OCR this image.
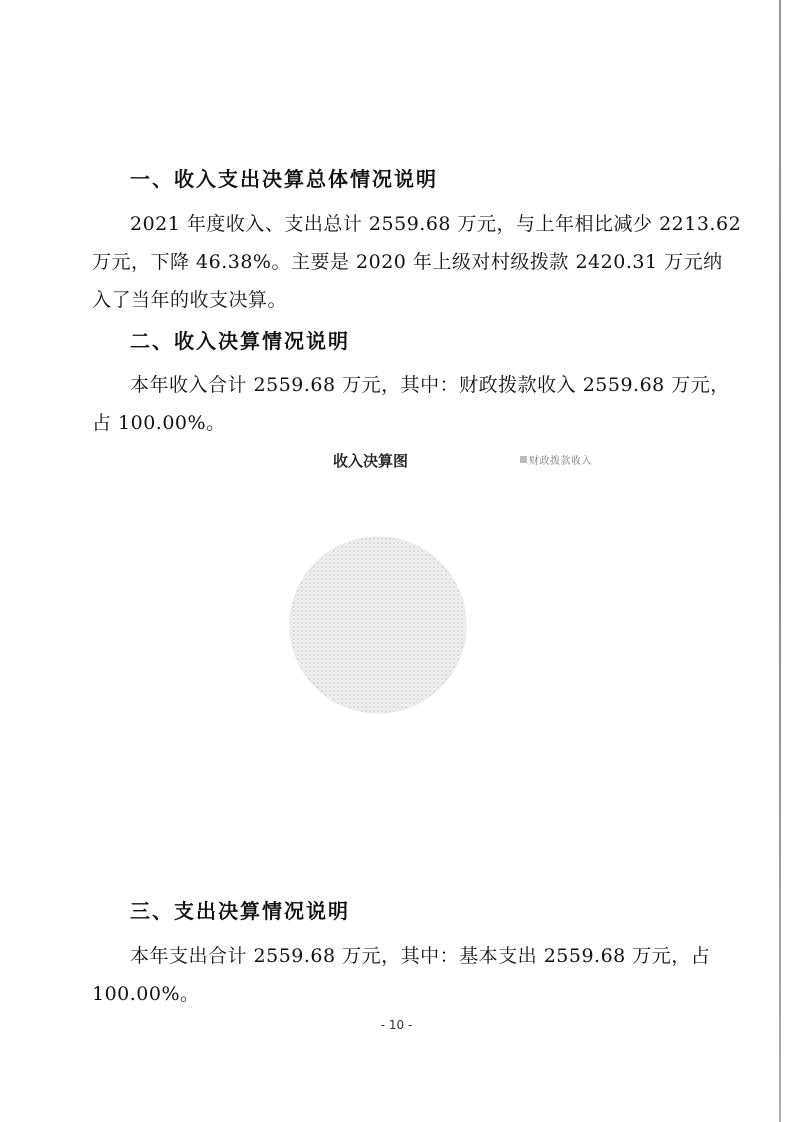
一、收入支出决算总体情况说明
2021 年度收入、支出总计 2559.68 万元，与上年相比减少 2213.62
万元，下降 46.38%。主要是 2020 年上级对村级拨款 2420.31 万元纳
入了当年的收支决算。
二、收入决算情况说明
本年收入合计 2559.68 万元，其中：财政拨款收入 2559.68 万元，
占 100.00%。
收入决算图	财政拨款收入
三、支出决算情况说明
本年支出合计 2559.68 万元，其中：基本支出 2559.68 万元，占
100.00%。
- 10 -
